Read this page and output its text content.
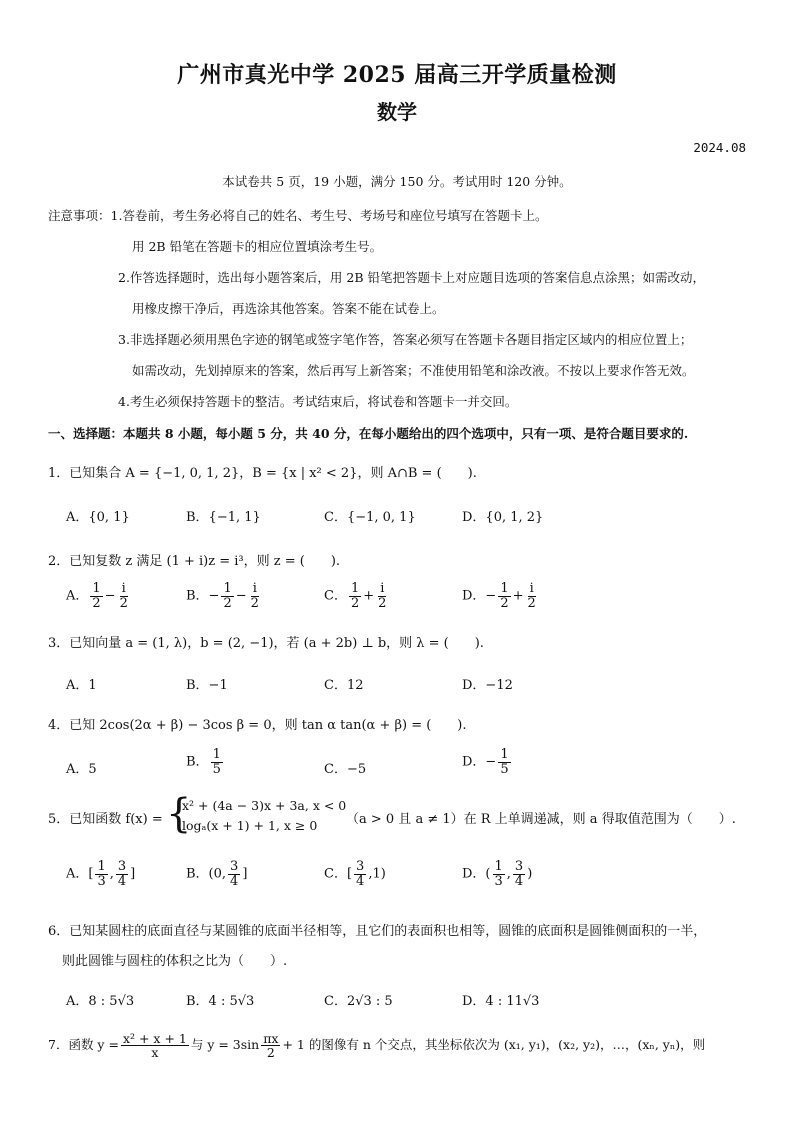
广州市真光中学 2025 届高三开学质量检测
数学
2024.08
本试卷共 5 页，19 小题，满分 150 分。考试用时 120 分钟。
注意事项：1.答卷前，考生务必将自己的姓名、考生号、考场号和座位号填写在答题卡上。
用 2B 铅笔在答题卡的相应位置填涂考生号。
2.作答选择题时，选出每小题答案后，用 2B 铅笔把答题卡上对应题目选项的答案信息点涂黑；如需改动，
用橡皮擦干净后，再选涂其他答案。答案不能在试卷上。
3.非选择题必须用黑色字迹的钢笔或签字笔作答，答案必须写在答题卡各题目指定区域内的相应位置上；
如需改动，先划掉原来的答案，然后再写上新答案；不准使用铅笔和涂改液。不按以上要求作答无效。
4.考生必须保持答题卡的整洁。考试结束后，将试卷和答题卡一并交回。
一、选择题：本题共 8 小题，每小题 5 分，共 40 分，在每小题给出的四个选项中，只有一项、是符合题目要求的.
1．已知集合 A = {−1, 0, 1, 2}，B = {x | x² < 2}，则 A∩B = (　　).
A．{0, 1}	B．{−1, 1}	C．{−1, 0, 1}	D．{0, 1, 2}
2．已知复数 z 满足 (1 + i)z = i³，则 z = (　　).
A． $\frac{1}{2} - \frac{i}{2}$	B．− $\frac{1}{2} - \frac{i}{2}$	C． $\frac{1}{2} + \frac{i}{2}$	D．− $\frac{1}{2} + \frac{i}{2}$
3．已知向量 a = (1, λ)，b = (2, −1)，若 (a + 2b) ⊥ b，则 λ = (　　).
A．1	B．−1	C．12	D．−12
4．已知 2cos(2α + β) − 3cos β = 0，则 tan α tan(α + β) = (　　).
A．5	B． $\frac{1}{5}$	C．−5	D．− $\frac{1}{5}$
5．已知函数 f(x) = {
x² + (4a − 3)x + 3a, x < 0
logₐ(x + 1) + 1, x ≥ 0	（a > 0 且 a ≠ 1）在 R 上单调递减，则 a 得取值范围为（　　）.
A．[ $\frac{1}{3}$ , $\frac{3}{4}$ ]	B．(0, $\frac{3}{4}$ ]	C．[ $\frac{3}{4} ,1$)	D．( $\frac{1}{3}$ , $\frac{3}{4}$ )
6．已知某圆柱的底面直径与某圆锥的底面半径相等，且它们的表面积也相等，圆锥的底面积是圆锥侧面积的一半，
则此圆锥与圆柱的体积之比为（　　）.
A．8 : 5√3	B．4 : 5√3	C．2√3 : 5	D．4 : 11√3
7．函数 $y = \frac{\text{x² + x + 1}}{x}$ 与 $y = 3\sin \frac{\pi x}{2} + 1$ 的图像有 n 个交点，其坐标依次为 (x₁, y₁)，(x₂, y₂)，…，(xₙ, yₙ)，则
